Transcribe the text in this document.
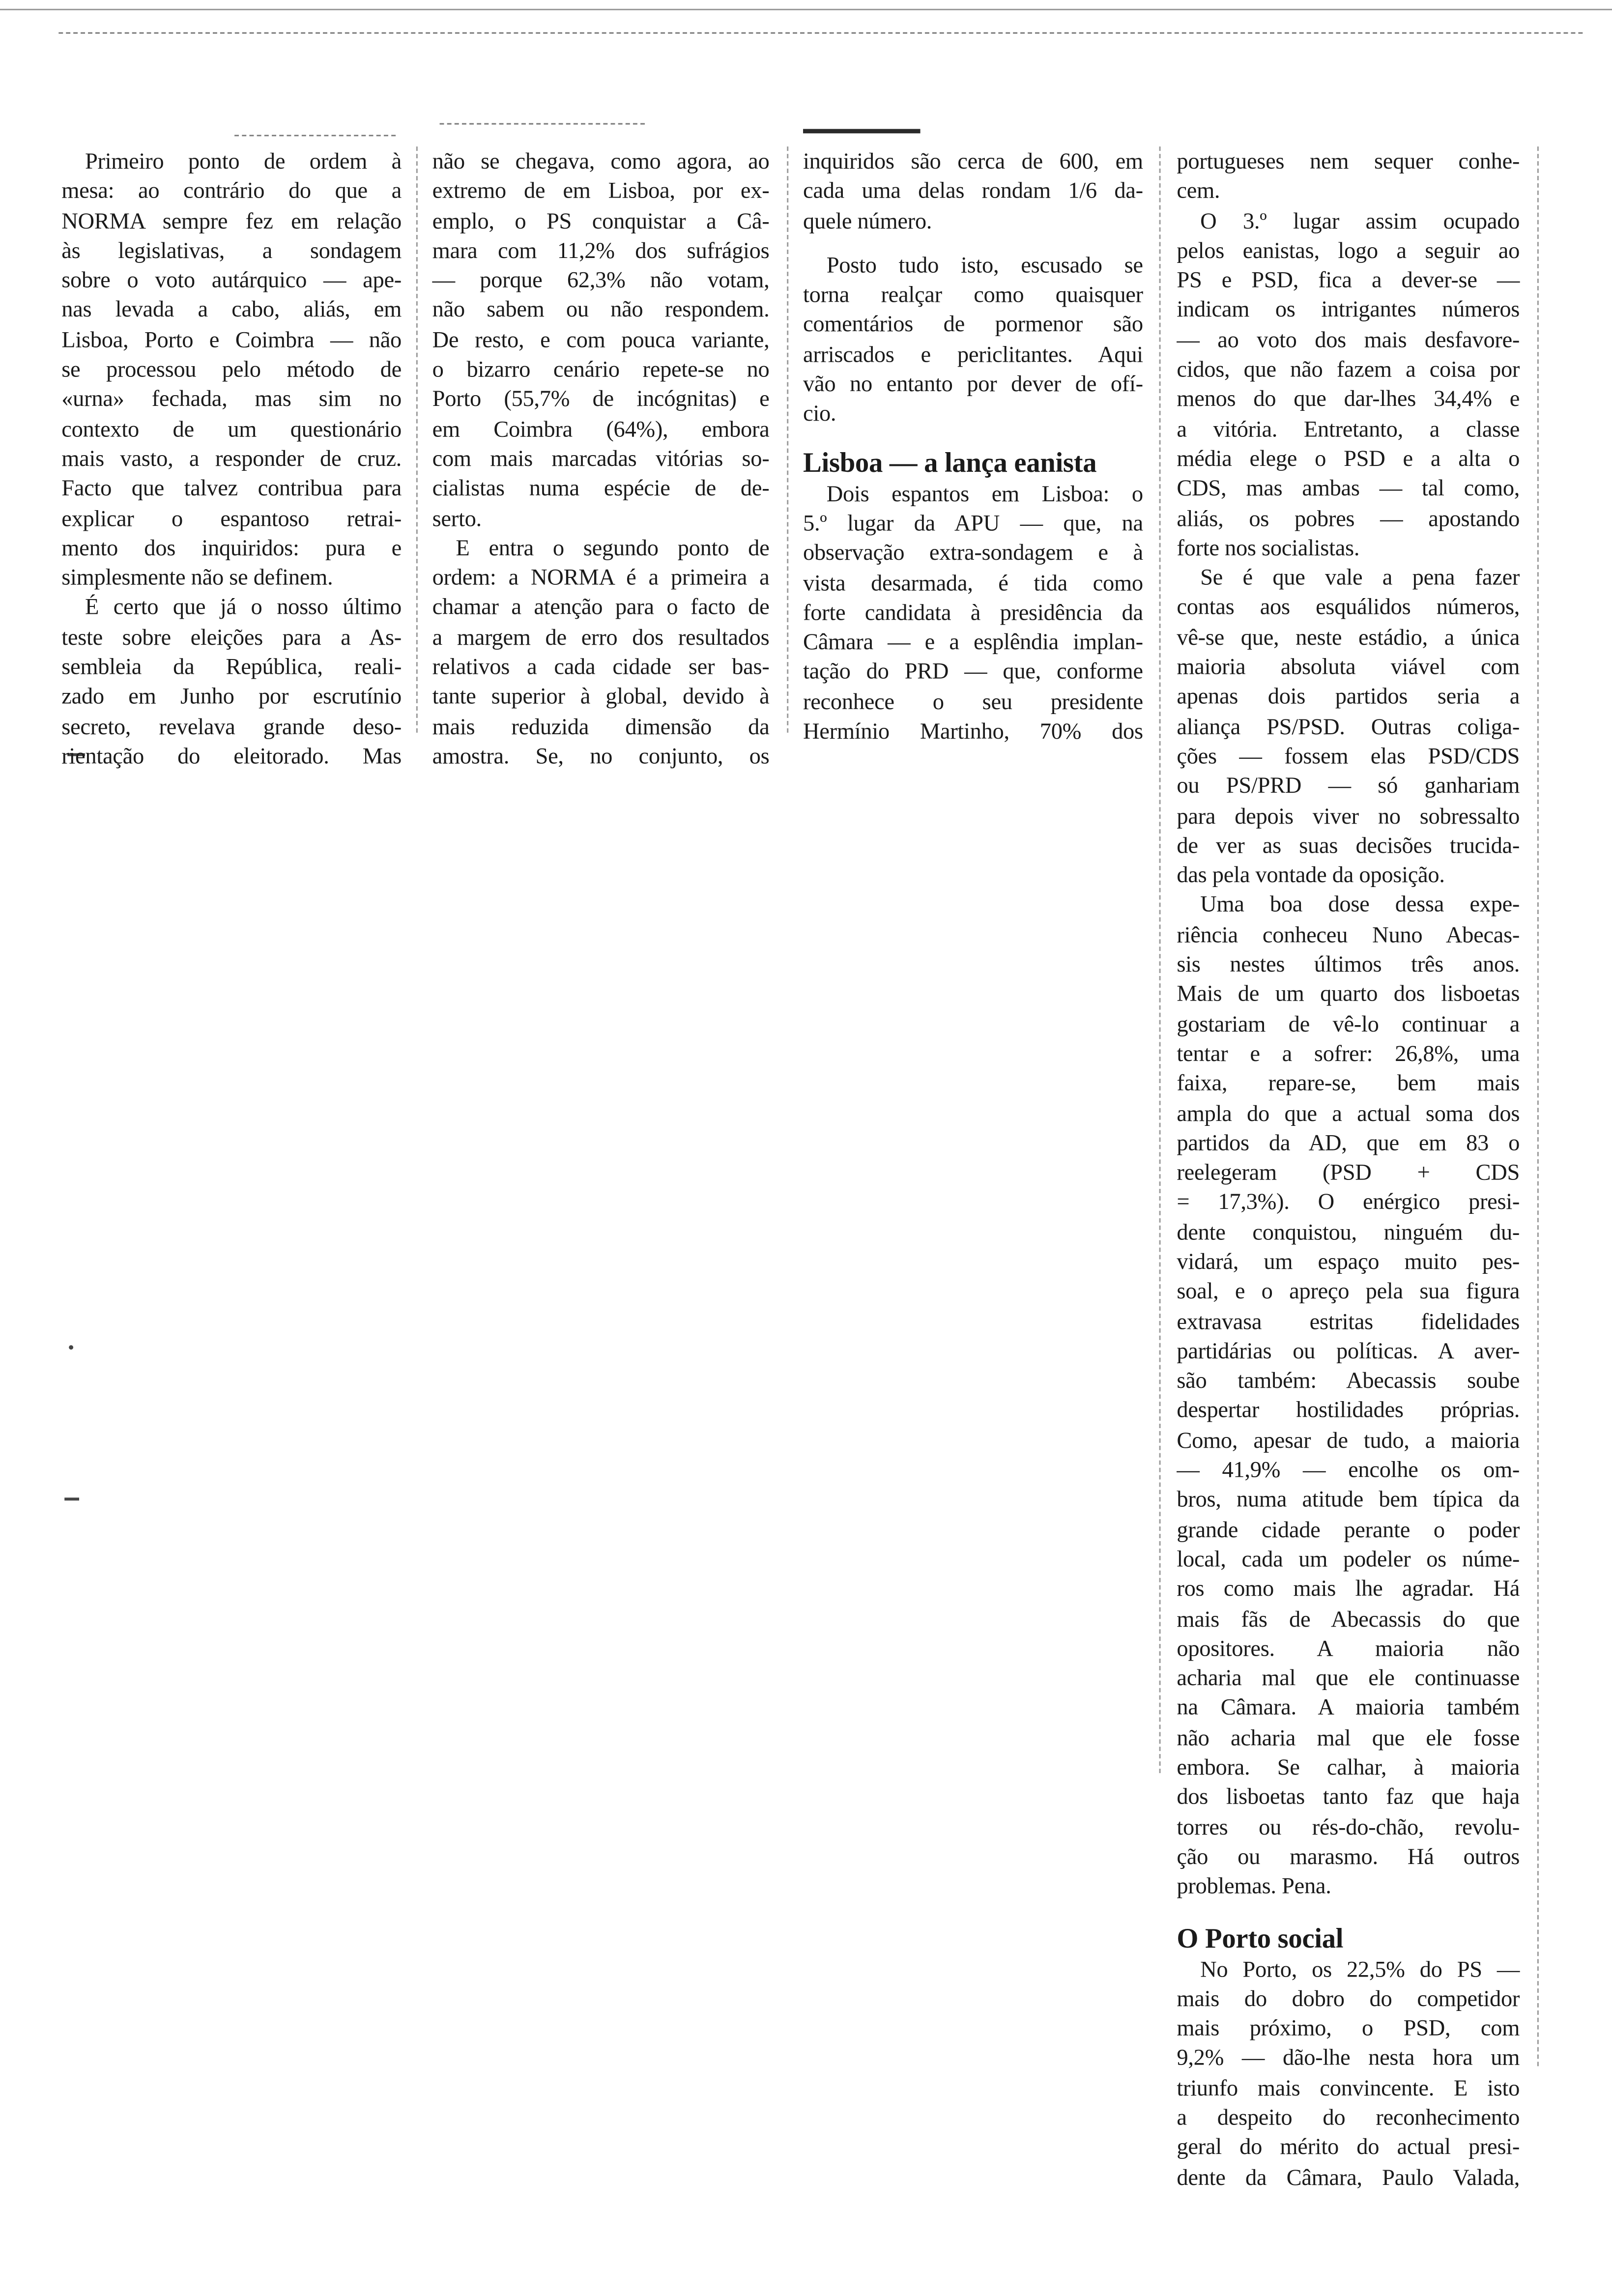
Primeiro ponto de ordem à
mesa: ao contrário do que a
NORMA sempre fez em relação
às legislativas, a sondagem
sobre o voto autárquico — ape-
nas levada a cabo, aliás, em
Lisboa, Porto e Coimbra — não
se processou pelo método de
«urna» fechada, mas sim no
contexto de um questionário
mais vasto, a responder de cruz.
Facto que talvez contribua para
explicar o espantoso retrai-
mento dos inquiridos: pura e
simplesmente não se definem.
É certo que já o nosso último
teste sobre eleições para a As-
sembleia da República, reali-
zado em Junho por escrutínio
secreto, revelava grande deso-
rientação do eleitorado. Mas
não se chegava, como agora, ao
extremo de em Lisboa, por ex-
emplo, o PS conquistar a Câ-
mara com 11,2% dos sufrágios
— porque 62,3% não votam,
não sabem ou não respondem.
De resto, e com pouca variante,
o bizarro cenário repete-se no
Porto (55,7% de incógnitas) e
em Coimbra (64%), embora
com mais marcadas vitórias so-
cialistas numa espécie de de-
serto.
E entra o segundo ponto de
ordem: a NORMA é a primeira a
chamar a atenção para o facto de
a margem de erro dos resultados
relativos a cada cidade ser bas-
tante superior à global, devido à
mais reduzida dimensão da
amostra. Se, no conjunto, os
inquiridos são cerca de 600, em
cada uma delas rondam 1/6 da-
quele número.
Posto tudo isto, escusado se
torna realçar como quaisquer
comentários de pormenor são
arriscados e periclitantes. Aqui
vão no entanto por dever de ofí-
cio.
Lisboa — a lança eanista
Dois espantos em Lisboa: o
5.º lugar da APU — que, na
observação extra-sondagem e à
vista desarmada, é tida como
forte candidata à presidência da
Câmara — e a esplêndia implan-
tação do PRD — que, conforme
reconhece o seu presidente
Hermínio Martinho, 70% dos
portugueses nem sequer conhe-
cem.
O 3.º lugar assim ocupado
pelos eanistas, logo a seguir ao
PS e PSD, fica a dever-se —
indicam os intrigantes números
— ao voto dos mais desfavore-
cidos, que não fazem a coisa por
menos do que dar-lhes 34,4% e
a vitória. Entretanto, a classe
média elege o PSD e a alta o
CDS, mas ambas — tal como,
aliás, os pobres — apostando
forte nos socialistas.
Se é que vale a pena fazer
contas aos esquálidos números,
vê-se que, neste estádio, a única
maioria absoluta viável com
apenas dois partidos seria a
aliança PS/PSD. Outras coliga-
ções — fossem elas PSD/CDS
ou PS/PRD — só ganhariam
para depois viver no sobressalto
de ver as suas decisões trucida-
das pela vontade da oposição.
Uma boa dose dessa expe-
riência conheceu Nuno Abecas-
sis nestes últimos três anos.
Mais de um quarto dos lisboetas
gostariam de vê-lo continuar a
tentar e a sofrer: 26,8%, uma
faixa, repare-se, bem mais
ampla do que a actual soma dos
partidos da AD, que em 83 o
reelegeram (PSD + CDS
= 17,3%). O enérgico presi-
dente conquistou, ninguém du-
vidará, um espaço muito pes-
soal, e o apreço pela sua figura
extravasa estritas fidelidades
partidárias ou políticas. A aver-
são também: Abecassis soube
despertar hostilidades próprias.
Como, apesar de tudo, a maioria
— 41,9% — encolhe os om-
bros, numa atitude bem típica da
grande cidade perante o poder
local, cada um podeler os núme-
ros como mais lhe agradar. Há
mais fãs de Abecassis do que
opositores. A maioria não
acharia mal que ele continuasse
na Câmara. A maioria também
não acharia mal que ele fosse
embora. Se calhar, à maioria
dos lisboetas tanto faz que haja
torres ou rés-do-chão, revolu-
ção ou marasmo. Há outros
problemas. Pena.
O Porto social
No Porto, os 22,5% do PS —
mais do dobro do competidor
mais próximo, o PSD, com
9,2% — dão-lhe nesta hora um
triunfo mais convincente. E isto
a despeito do reconhecimento
geral do mérito do actual presi-
dente da Câmara, Paulo Valada,
